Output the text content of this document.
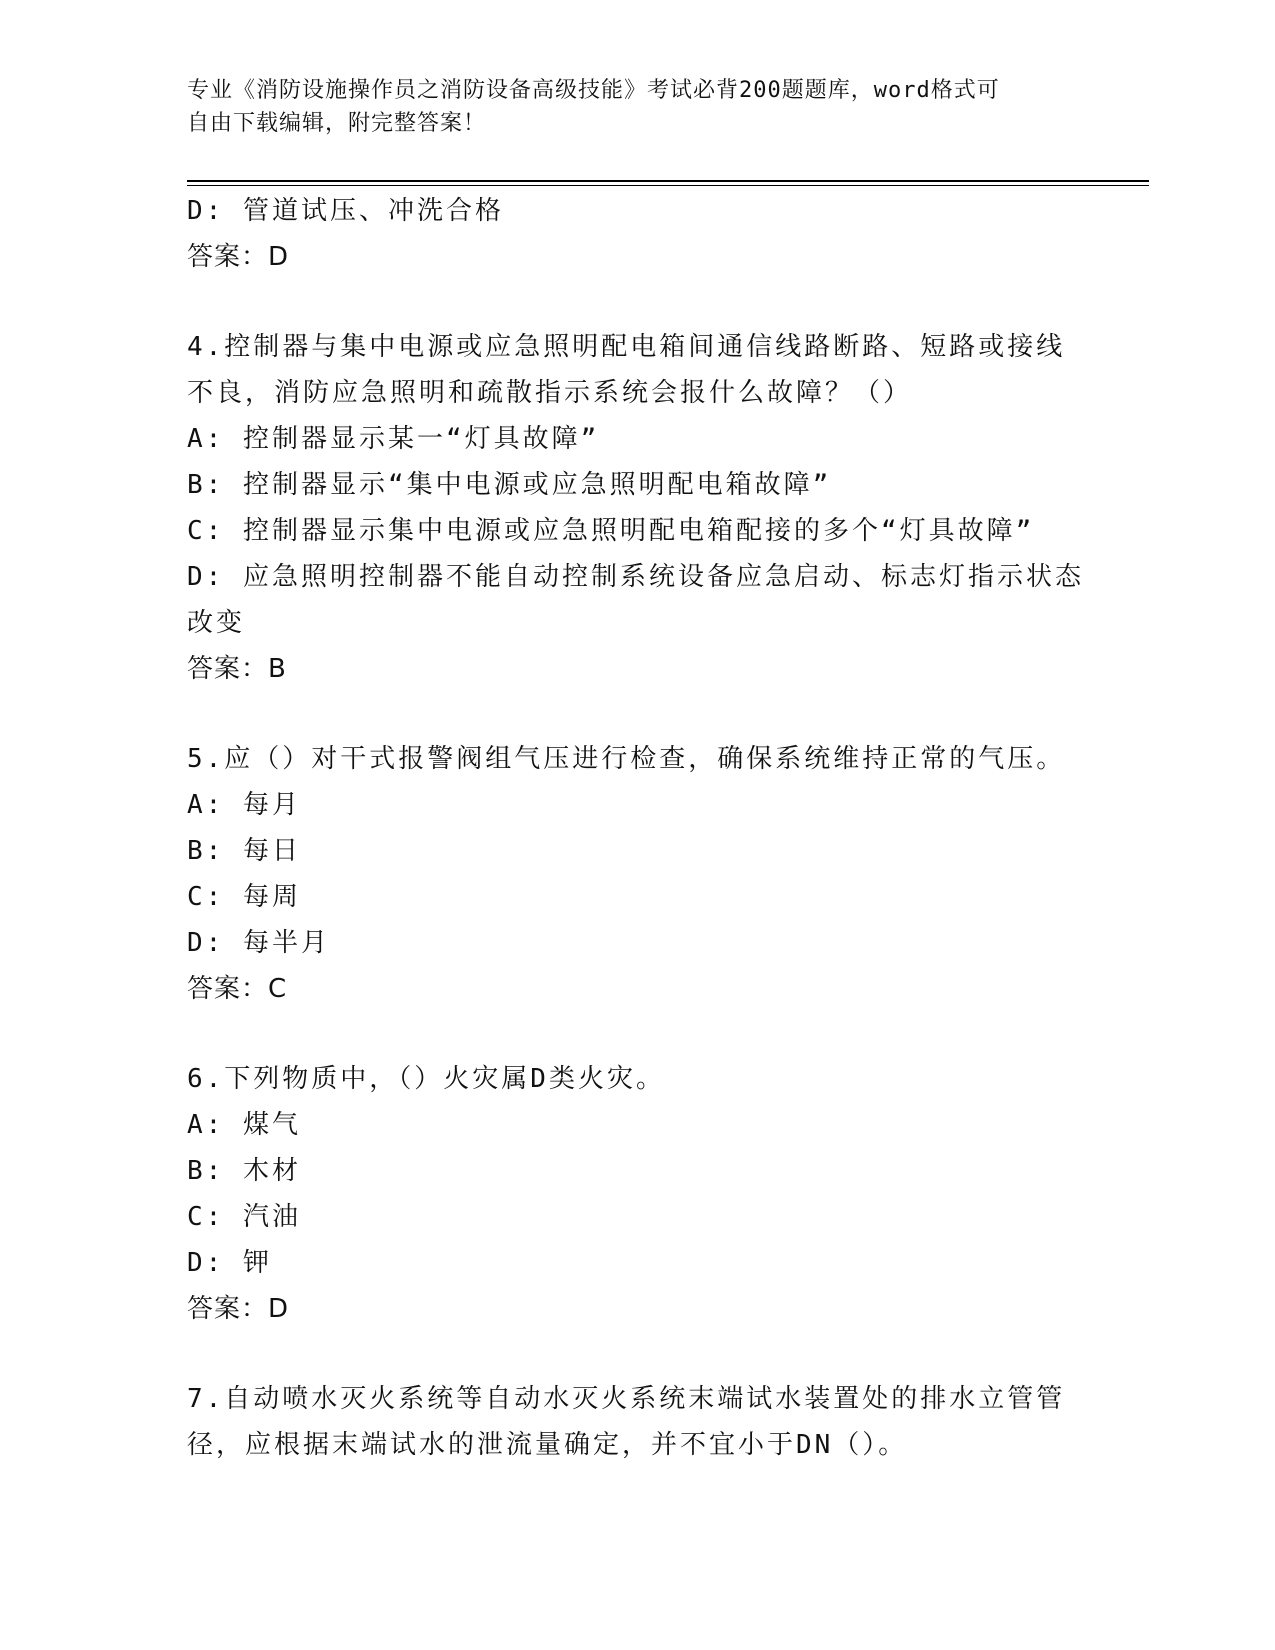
专业《消防设施操作员之消防设备高级技能》考试必背200题题库，word格式可
自由下载编辑，附完整答案！
D: 管道试压、冲洗合格
答案：D
4.控制器与集中电源或应急照明配电箱间通信线路断路、短路或接线
不良，消防应急照明和疏散指示系统会报什么故障？（）
A: 控制器显示某一“灯具故障”
B: 控制器显示“集中电源或应急照明配电箱故障”
C: 控制器显示集中电源或应急照明配电箱配接的多个“灯具故障”
D: 应急照明控制器不能自动控制系统设备应急启动、标志灯指示状态
改变
答案：B
5.应（）对干式报警阀组气压进行检查，确保系统维持正常的气压。
A: 每月
B: 每日
C: 每周
D: 每半月
答案：C
6.下列物质中，（）火灾属D类火灾。
A: 煤气
B: 木材
C: 汽油
D: 钾
答案：D
7.自动喷水灭火系统等自动水灭火系统末端试水装置处的排水立管管
径，应根据末端试水的泄流量确定，并不宜小于DN（）。
